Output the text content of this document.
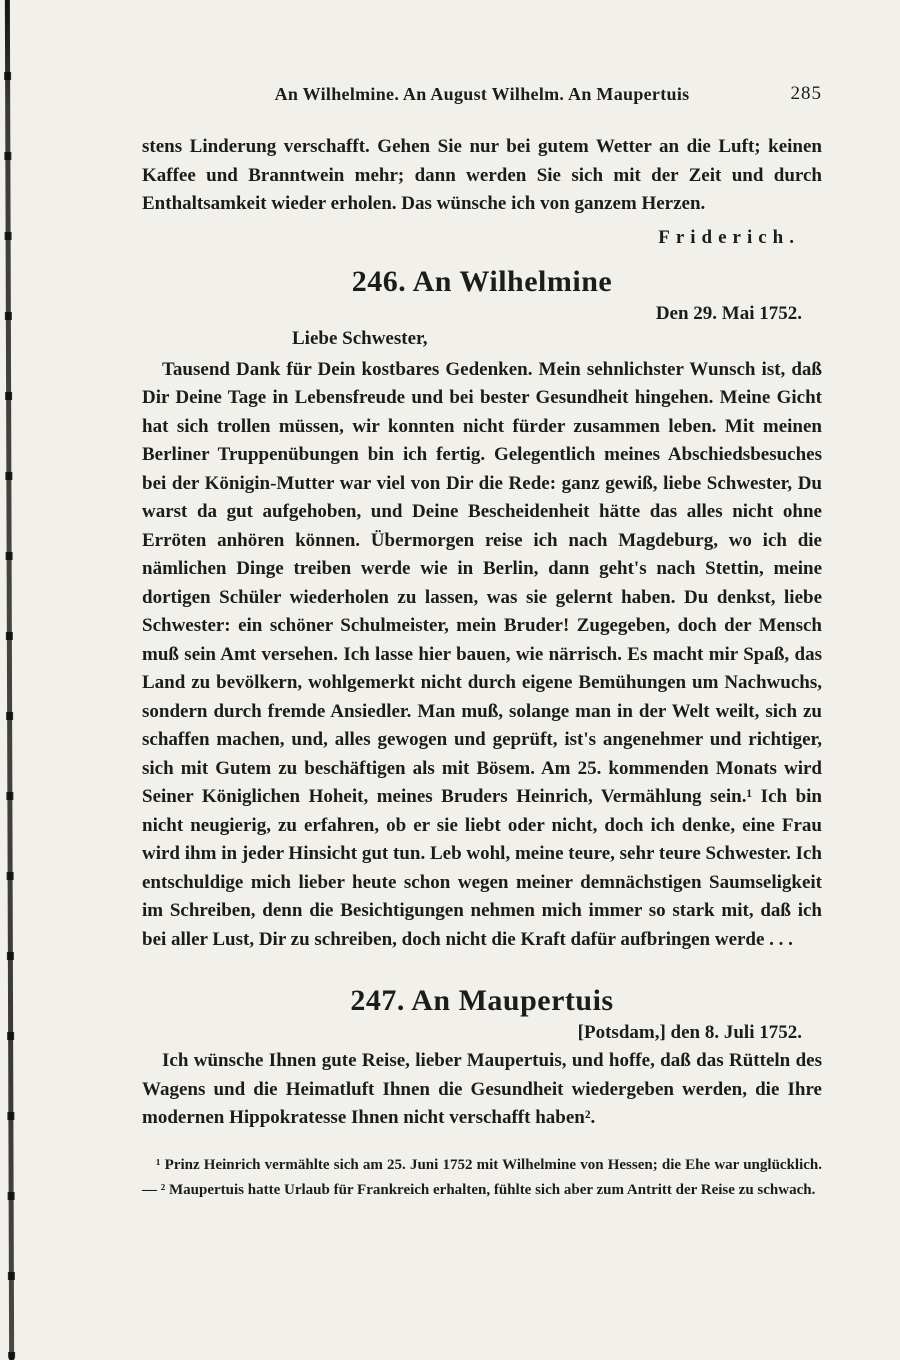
An Wilhelmine. An August Wilhelm. An Maupertuis	285

stens Linderung verschafft. Gehen Sie nur bei gutem Wetter an die Luft; keinen Kaffee und Branntwein mehr; dann werden Sie sich mit der Zeit und durch Enthaltsamkeit wieder erholen. Das wünsche ich von ganzem Herzen.

Friderich.
246. An Wilhelmine
Den 29. Mai 1752.
Liebe Schwester,

Tausend Dank für Dein kostbares Gedenken. Mein sehnlichster Wunsch ist, daß Dir Deine Tage in Lebensfreude und bei bester Gesundheit hingehen. Meine Gicht hat sich trollen müssen, wir konnten nicht fürder zusammen leben. Mit meinen Berliner Truppenübungen bin ich fertig. Gelegentlich meines Abschiedsbesuches bei der Königin-Mutter war viel von Dir die Rede: ganz gewiß, liebe Schwester, Du warst da gut aufgehoben, und Deine Bescheidenheit hätte das alles nicht ohne Erröten anhören können. Übermorgen reise ich nach Magdeburg, wo ich die nämlichen Dinge treiben werde wie in Berlin, dann geht's nach Stettin, meine dortigen Schüler wiederholen zu lassen, was sie gelernt haben. Du denkst, liebe Schwester: ein schöner Schulmeister, mein Bruder! Zugegeben, doch der Mensch muß sein Amt versehen. Ich lasse hier bauen, wie närrisch. Es macht mir Spaß, das Land zu bevölkern, wohlgemerkt nicht durch eigene Bemühungen um Nachwuchs, sondern durch fremde Ansiedler. Man muß, solange man in der Welt weilt, sich zu schaffen machen, und, alles gewogen und geprüft, ist's angenehmer und richtiger, sich mit Gutem zu beschäftigen als mit Bösem. Am 25. kommenden Monats wird Seiner Königlichen Hoheit, meines Bruders Heinrich, Vermählung sein.¹ Ich bin nicht neugierig, zu erfahren, ob er sie liebt oder nicht, doch ich denke, eine Frau wird ihm in jeder Hinsicht gut tun. Leb wohl, meine teure, sehr teure Schwester. Ich entschuldige mich lieber heute schon wegen meiner demnächstigen Saumseligkeit im Schreiben, denn die Besichtigungen nehmen mich immer so stark mit, daß ich bei aller Lust, Dir zu schreiben, doch nicht die Kraft dafür aufbringen werde . . .

247. An Maupertuis
[Potsdam,] den 8. Juli 1752.

Ich wünsche Ihnen gute Reise, lieber Maupertuis, und hoffe, daß das Rütteln des Wagens und die Heimatluft Ihnen die Gesundheit wiedergeben werden, die Ihre modernen Hippokratesse Ihnen nicht verschafft haben².

¹ Prinz Heinrich vermählte sich am 25. Juni 1752 mit Wilhelmine von Hessen; die Ehe war unglücklich. — ² Maupertuis hatte Urlaub für Frankreich erhalten, fühlte sich aber zum Antritt der Reise zu schwach.
